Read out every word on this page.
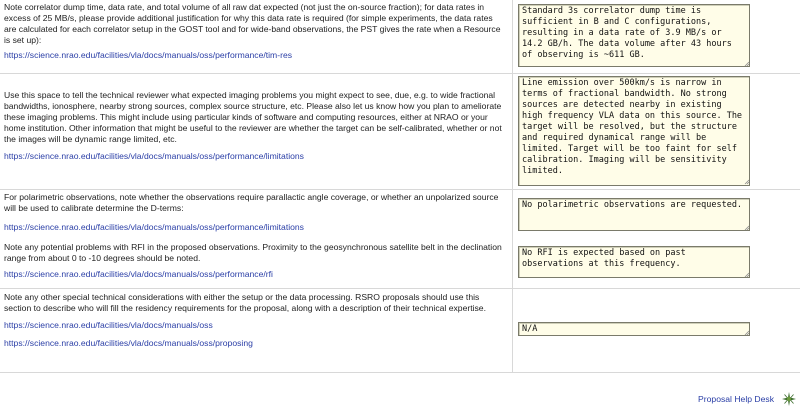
Note correlator dump time, data rate, and total volume of all raw dat expected (not just the on-source fraction); for data rates in excess of 25 MB/s, please provide additional justification for why this data rate is required (for simple experiments, the data rates are calculated for each correlator setup in the GOST tool and for wide-band observations, the PST gives the rate when a Resource is set up):

https://science.nrao.edu/facilities/vla/docs/manuals/oss/performance/tim-res
Standard 3s correlator dump time is sufficient in B and C configurations, resulting in a data rate of 3.9 MB/s or 14.2 GB/h. The data volume after 43 hours of observing is ~611 GB.

Use this space to tell the technical reviewer what expected imaging problems you might expect to see, due, e.g. to wide fractional bandwidths, ionosphere, nearby strong sources, complex source structure, etc. Please also let us know how you plan to ameliorate these imaging problems. This might include using particular kinds of software and computing resources, either at NRAO or your home institution. Other information that might be useful to the reviewer are whether the target can be self-calibrated, whether or not the images will be dynamic range limited, etc.

https://science.nrao.edu/facilities/vla/docs/manuals/oss/performance/limitations
Line emission over 500km/s is narrow in terms of fractional bandwidth. No strong sources are detected nearby in existing high frequency VLA data on this source. The target will be resolved, but the structure and required dynamical range will be limited. Target will be too faint for self calibration. Imaging will be sensitivity limited.

For polarimetric observations, note whether the observations require parallactic angle coverage, or whether an unpolarized source will be used to calibrate determine the D-terms:

https://science.nrao.edu/facilities/vla/docs/manuals/oss/performance/limitations
No polarimetric observations are requested.

Note any potential problems with RFI in the proposed observations. Proximity to the geosynchronous satellite belt in the declination range from about 0 to -10 degrees should be noted.

https://science.nrao.edu/facilities/vla/docs/manuals/oss/performance/rfi
No RFI is expected based on past observations at this frequency.

Note any other special technical considerations with either the setup or the data processing. RSRO proposals should use this section to describe who will fill the residency requirements for the proposal, along with a description of their technical expertise.

https://science.nrao.edu/facilities/vla/docs/manuals/oss
https://science.nrao.edu/facilities/vla/docs/manuals/oss/proposing
N/A
Proposal Help Desk
